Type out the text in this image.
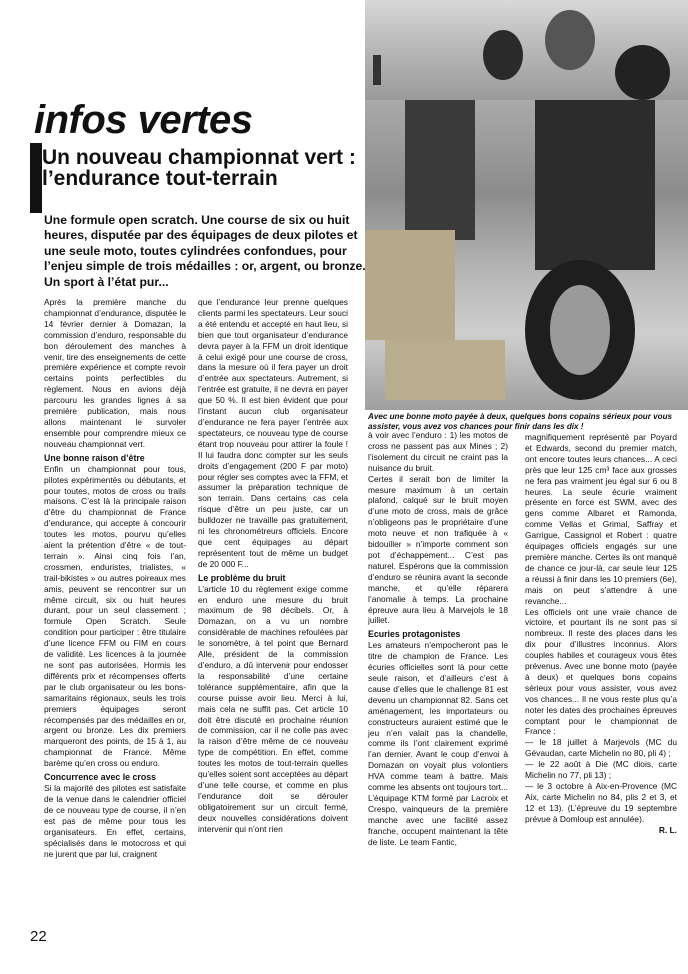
infos vertes
Un nouveau championnat vert : l’endurance tout-terrain

Une formule open scratch. Une course de six ou huit heures, disputée par des équipages de deux pilotes et une seule moto, toutes cylindrées confondues, pour l’enjeu simple de trois médailles : or, argent, ou bronze. Un sport à l’état pur...

Avec une bonne moto payée à deux, quelques bons copains sérieux pour vous assister, vous avez vos chances pour finir dans les dix !

Après la première manche du championnat d’endurance, disputée le 14 février dernier à Domazan, la commission d’enduro, responsable du bon déroulement des manches à venir, tire des enseignements de cette première expérience et compte revoir certains points perfectibles du règlement. Nous en avions déjà parcouru les grandes lignes à sa première publication, mais nous allons maintenant le survoler ensemble pour comprendre mieux ce nouveau championnat vert.

Une bonne raison d’être

Enfin un championnat pour tous, pilotes expérimentés ou débutants, et pour toutes, motos de cross ou trails maisons. C’est là la principale raison d’être du championnat de France d’endurance, qui accepte à concourir toutes les motos, pourvu qu’elles aient la prétention d’être « de tout-terrain ». Ainsi cinq fois l’an, crossmen, enduristes, trialistes, « trail-bikistes » ou autres poireaux mes amis, peuvent se rencontrer sur un même circuit, six ou huit heures durant, pour un seul classement ; formule Open Scratch. Seule condition pour participer : être titulaire d’une licence FFM ou FIM en cours de validité. Les licences à la journée ne sont pas autorisées. Hormis les différents prix et récompenses offerts par le club organisateur ou les bons-samaritains régionaux, seuls les trois premiers équipages seront récompensés par des médailles en or, argent ou bronze. Les dix premiers marqueront des points, de 15 à 1, au championnat de France. Même barème qu’en cross ou enduro.

Concurrence avec le cross

Si la majorité des pilotes est satisfaite de la venue dans le calendrier officiel de ce nouveau type de course, il n’en est pas de même pour tous les organisateurs. En effet, certains, spécialisés dans le motocross et qui ne jurent que par lui, craignent

que l’endurance leur prenne quelques clients parmi les spectateurs. Leur souci a été entendu et accepté en haut lieu, si bien que tout organisateur d’endurance devra payer à la FFM un droit identique à celui exigé pour une course de cross, dans la mesure où il fera payer un droit d’entrée aux spectateurs. Autrement, si l’entrée est gratuite, il ne devra en payer que 50 %. Il est bien évident que pour l’instant aucun club organisateur d’endurance ne fera payer l’entrée aux spectateurs, ce nouveau type de course étant trop nouveau pour attirer la foule ! Il lui faudra donc compter sur les seuls droits d’engagement (200 F par moto) pour régler ses comptes avec la FFM, et assumer la préparation technique de son terrain. Dans certains cas cela risque d’être un peu juste, car un bulldozer ne travaille pas gratuitement, ni les chronométreurs officiels. Encore que cent équipages au départ représentent tout de même un budget de 20 000 F...

Le problème du bruit

L’article 10 du règlement exige comme en enduro une mesure du bruit maximum de 98 décibels. Or, à Domazan, on a vu un nombre considérable de machines refoulées par le sonomètre, à tel point que Bernard Alle, président de la commission d’enduro, a dû intervenir pour endosser la responsabilité d’une certaine tolérance supplémentaire, afin que la course puisse avoir lieu. Merci à lui, mais cela ne suffit pas. Cet article 10 doit être discuté en prochaine réunion de commission, car il ne colle pas avec la raison d’être même de ce nouveau type de compétition. En effet, comme toutes les motos de tout-terrain quelles qu’elles soient sont acceptées au départ d’une telle course, et comme en plus l’endurance doit se dérouler obligatoirement sur un circuit fermé, deux nouvelles considérations doivent intervenir qui n’ont rien

à voir avec l’enduro : 1) les motos de cross ne passent pas aux Mines ; 2) l’isolement du circuit ne craint pas la nuisance du bruit.

Certes il serait bon de limiter la mesure maximum à un certain plafond, calqué sur le bruit moyen d’une moto de cross, mais de grâce n’obligeons pas le propriétaire d’une moto neuve et non trafiquée à « bidouiller » n’importe comment son pot d’échappement... C’est pas naturel. Espérons que la commission d’enduro se réunira avant la seconde manche, et qu’elle réparera l’anomalie à temps. La prochaine épreuve aura lieu à Marvejols le 18 juillet.

Ecuries protagonistes

Les amateurs n’empocheront pas le titre de champion de France. Les écuries officielles sont là pour cette seule raison, et d’ailleurs c’est à cause d’elles que le challenge 81 est devenu un championnat 82. Sans cet aménagement, les importateurs ou constructeurs auraient estimé que le jeu n’en valait pas la chandelle, comme ils l’ont clairement exprimé l’an dernier. Avant le coup d’envoi à Domazan on voyait plus volontiers HVA comme team à battre. Mais comme les absents ont toujours tort... L’équipage KTM formé par Lacroix et Crespo, vainqueurs de la première manche avec une facilité assez franche, occupent maintenant la tête de liste. Le team Fantic,

magnifiquement représenté par Poyard et Edwards, second du premier match, ont encore toutes leurs chances... A ceci près que leur 125 cm³ face aux grosses ne fera pas vraiment jeu égal sur 6 ou 8 heures. La seule écurie vraiment présente en force est SWM, avec des gens comme Albaret et Ramonda, comme Vellas et Grimal, Saffray et Garrigue, Cassignol et Robert : quatre équipages officiels engagés sur une première manche. Certes ils ont manqué de chance ce jour-là, car seule leur 125 a réussi à finir dans les 10 premiers (6e), mais on peut s’attendre à une revanche...

Les officiels ont une vraie chance de victoire, et pourtant ils ne sont pas si nombreux. Il reste des places dans les dix pour d’illustres inconnus. Alors couples habiles et courageux vous êtes prévenus. Avec une bonne moto (payée à deux) et quelques bons copains sérieux pour vous assister, vous avez vos chances... Il ne vous reste plus qu’a noter les dates des prochaines épreuves comptant pour le championnat de France :

— le 18 juillet à Marjevols (MC du Gévaudan, carte Michelin no 80, pli 4) ;

— le 22 août à Die (MC diois, carte Michelin no 77, pli 13) ;

— le 3 octobre à Aix-en-Provence (MC Aix, carte Michelin no 84, plis 2 et 3, et 12 et 13). (L’épreuve du 19 septembre prévue à Domloup est annulée).

R. L.

22
